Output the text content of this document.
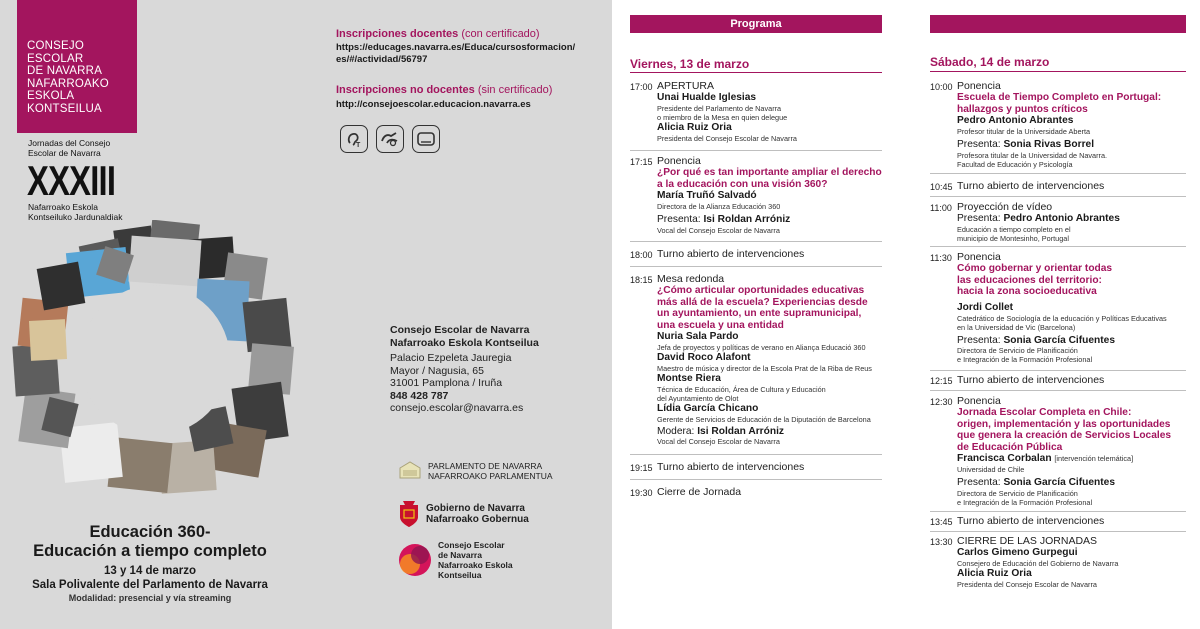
CONSEJO
ESCOLAR
DE NAVARRA
NAFARROAKO
ESKOLA
KONTSEILUA
Jornadas del Consejo
Escolar de Navarra
XXXIII
Nafarroako Eskola
Kontseiluko Jardunaldiak
Educación 360-
Educación a tiempo completo
13 y 14 de marzo
Sala Polivalente del Parlamento de Navarra
Modalidad: presencial y vía streaming
Inscripciones docentes (con certificado)
https://educages.navarra.es/Educa/cursosformacion/
es/#/actividad/56797
Inscripciones no docentes (sin certificado)
http://consejoescolar.educacion.navarra.es
T
Consejo Escolar de Navarra
Nafarroako Eskola Kontseilua
Palacio Ezpeleta Jauregia
Mayor / Nagusia, 65
31001 Pamplona / Iruña
848 428 787
consejo.escolar@navarra.es
PARLAMENTO DE NAVARRA
NAFARROAKO PARLAMENTUA
Gobierno de Navarra
Nafarroako Gobernua
Consejo Escolar
de Navarra
Nafarroako Eskola
Kontseilua
Programa
Viernes, 13 de marzo
17:00 APERTURA
Unai Hualde Iglesias
Presidente del Parlamento de Navarra
o miembro de la Mesa en quien delegue
Alicia Ruiz Oria
Presidenta del Consejo Escolar de Navarra
17:15 Ponencia
¿Por qué es tan importante ampliar el derecho
a la educación con una visión 360?
María Truñó Salvadó
Directora de la Alianza Educación 360
Presenta: Isi Roldan Arróniz
Vocal del Consejo Escolar de Navarra
18:00 Turno abierto de intervenciones
18:15 Mesa redonda
¿Cómo articular oportunidades educativas
más allá de la escuela? Experiencias desde
un ayuntamiento, un ente supramunicipal,
una escuela y una entidad
Nuria Sala Pardo
Jefa de proyectos y políticas de verano en Aliança Educació 360
David Roco Alafont
Maestro de música y director de la Escola Prat de la Riba de Reus
Montse Riera
Técnica de Educación, Área de Cultura y Educación
del Ayuntamiento de Olot
Lídia García Chicano
Gerente de Servicios de Educación de la Diputación de Barcelona
Modera: Isi Roldan Arróniz
Vocal del Consejo Escolar de Navarra
19:15 Turno abierto de intervenciones
19:30 Cierre de Jornada
Sábado, 14 de marzo
10:00 Ponencia
Escuela de Tiempo Completo en Portugal:
hallazgos y puntos críticos
Pedro Antonio Abrantes
Profesor titular de la Universidade Aberta
Presenta: Sonia Rivas Borrel
Profesora titular de la Universidad de Navarra.
Facultad de Educación y Psicología
10:45 Turno abierto de intervenciones
11:00 Proyección de vídeo
Presenta: Pedro Antonio Abrantes
Educación a tiempo completo en el
municipio de Montesinho, Portugal
11:30 Ponencia
Cómo gobernar y orientar todas
las educaciones del territorio:
hacia la zona socioeducativa
Jordi Collet
Catedrático de Sociología de la educación y Políticas Educativas
en la Universidad de Vic (Barcelona)
Presenta: Sonia García Cifuentes
Directora de Servicio de Planificación
e Integración de la Formación Profesional
12:15 Turno abierto de intervenciones
12:30 Ponencia
Jornada Escolar Completa en Chile:
origen, implementación y las oportunidades
que genera la creación de Servicios Locales
de Educación Pública
Francisca Corbalan [intervención telemática]
Universidad de Chile
Presenta: Sonia García Cifuentes
Directora de Servicio de Planificación
e Integración de la Formación Profesional
13:45 Turno abierto de intervenciones
13:30 CIERRE DE LAS JORNADAS
Carlos Gimeno Gurpegui
Consejero de Educación del Gobierno de Navarra
Alicia Ruiz Oria
Presidenta del Consejo Escolar de Navarra
